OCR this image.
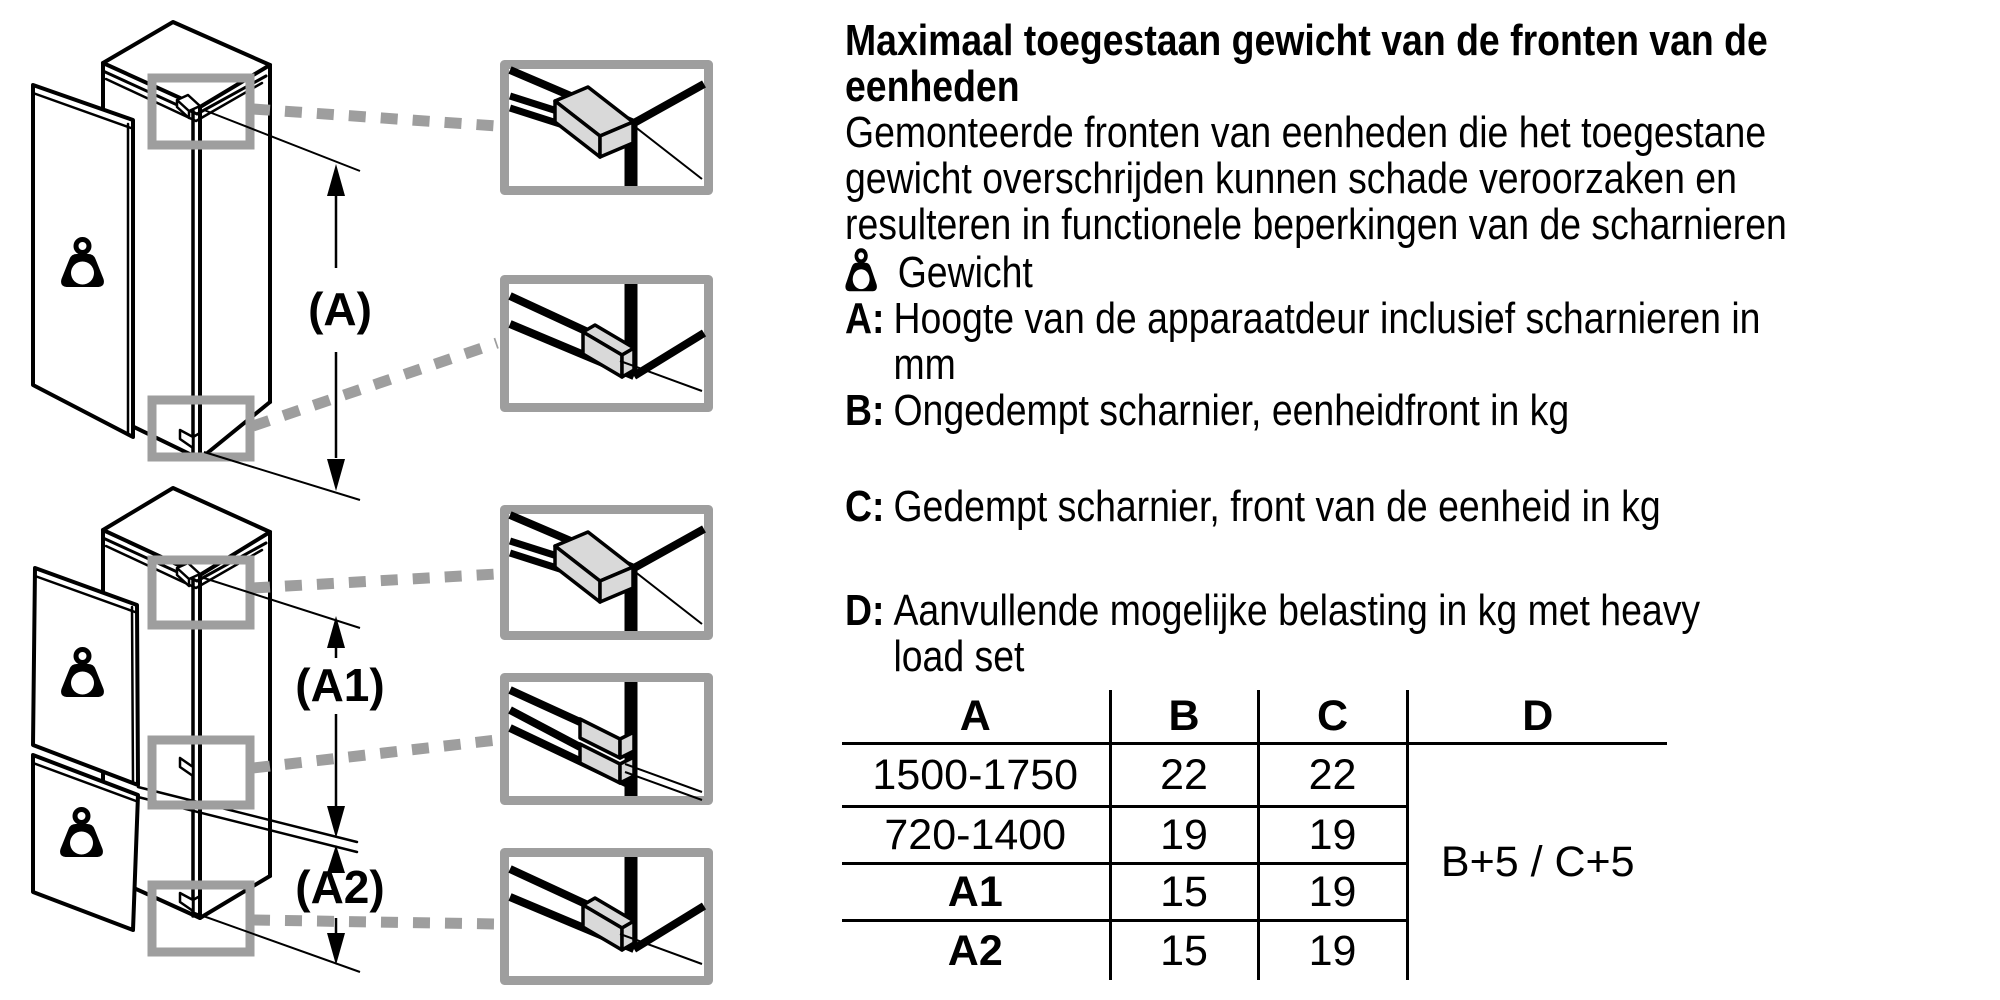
(A)
(A1)
(A2)
Maximaal toegestaan gewicht van de fronten van de
eenheden
Gemonteerde fronten van eenheden die het toegestane
gewicht overschrijden kunnen schade veroorzaken en
resulteren in functionele beperkingen van de scharnieren
Gewicht
A: Hoogte van de apparaatdeur inclusief scharnieren in
mm
B: Ongedempt scharnier, eenheidfront in kg
C: Gedempt scharnier, front van de eenheid in kg
D: Aanvullende mogelijke belasting in kg met heavy
load set
A	B	C	D
1500-1750	22	22	B+5 / C+5
720-1400	19	19	
A1	15	19	
A2	15	19	
